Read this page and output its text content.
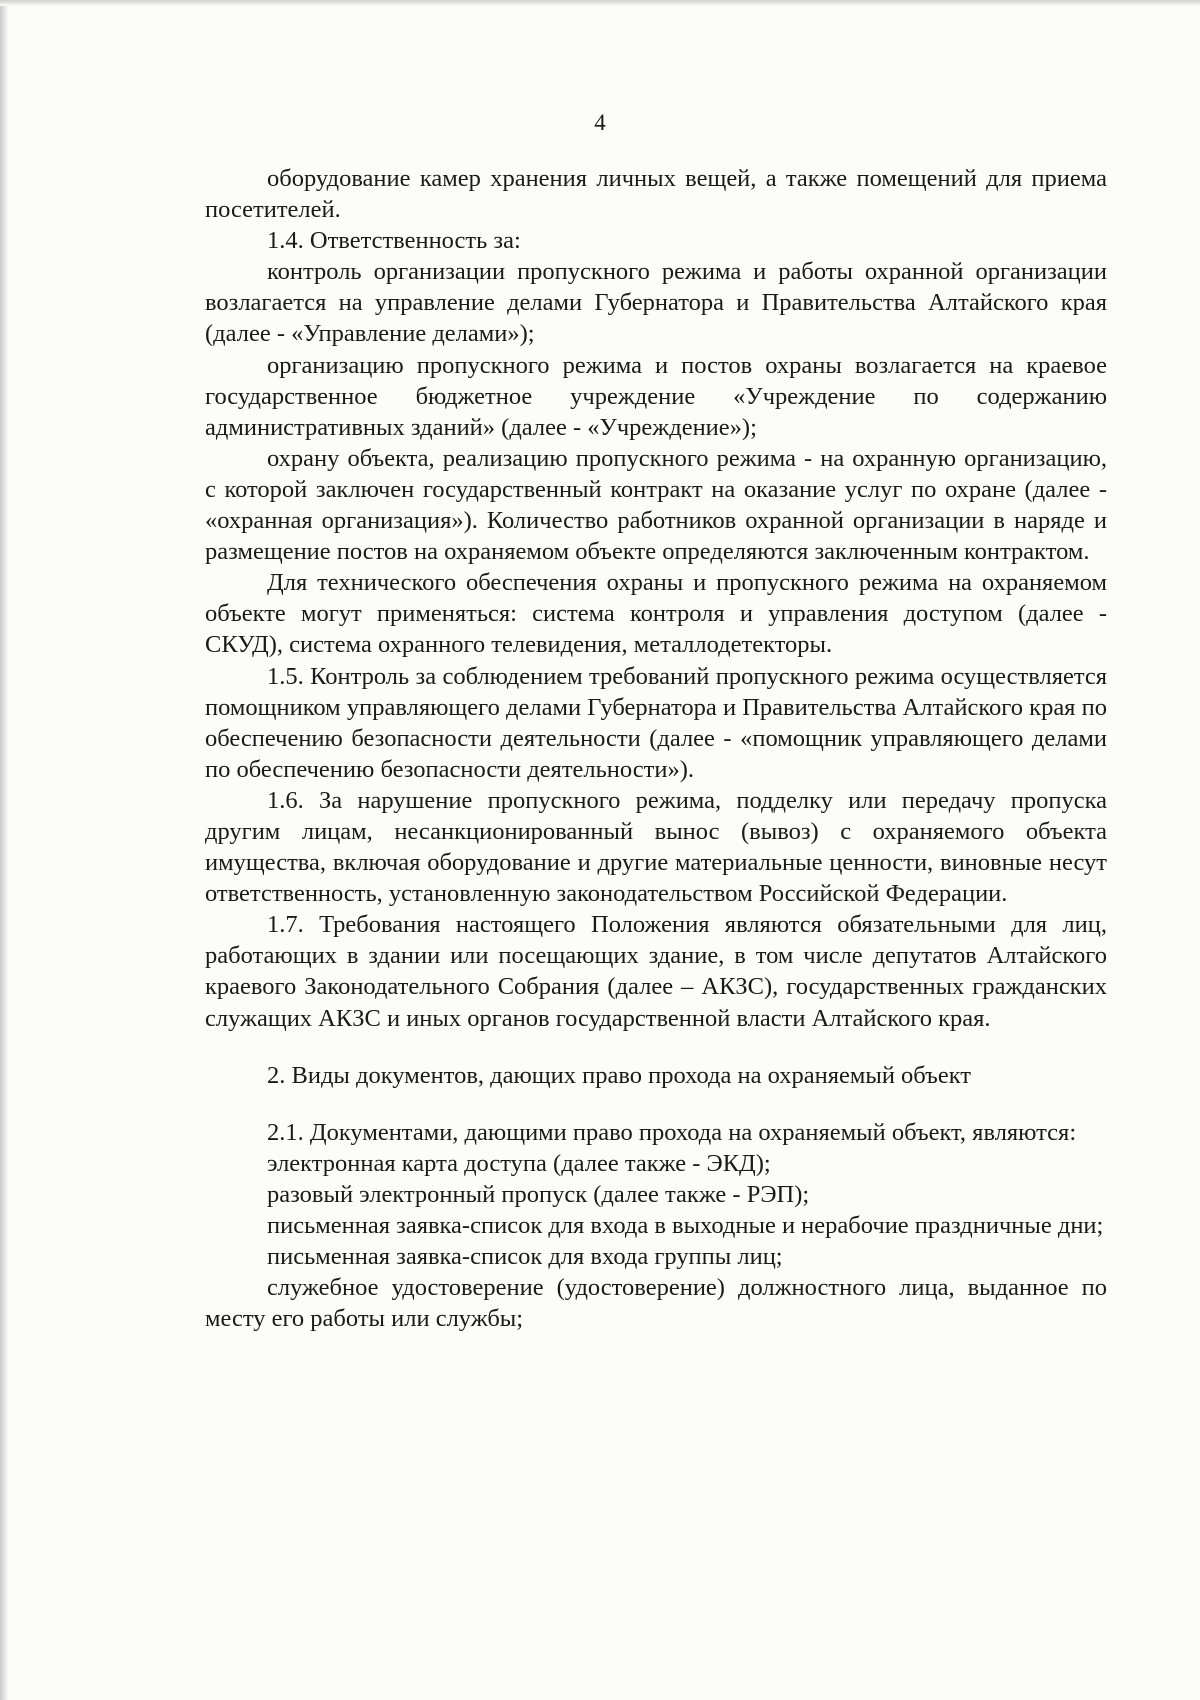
4

оборудование камер хранения личных вещей, а также помещений для приема посетителей.

1.4. Ответственность за:

контроль организации пропускного режима и работы охранной организации возлагается на управление делами Губернатора и Правительства Алтайского края (далее - «Управление делами»);

организацию пропускного режима и постов охраны возлагается на краевое государственное бюджетное учреждение «Учреждение по содержанию административных зданий» (далее - «Учреждение»);

охрану объекта, реализацию пропускного режима - на охранную организацию, с которой заключен государственный контракт на оказание услуг по охране (далее - «охранная организация»). Количество работников охранной организации в наряде и размещение постов на охраняемом объекте определяются заключенным контрактом.

Для технического обеспечения охраны и пропускного режима на охраняемом объекте могут применяться: система контроля и управления доступом (далее - СКУД), система охранного телевидения, металлодетекторы.

1.5. Контроль за соблюдением требований пропускного режима осуществляется помощником управляющего делами Губернатора и Правительства Алтайского края по обеспечению безопасности деятельности (далее - «помощник управляющего делами по обеспечению безопасности деятельности»).

1.6. За нарушение пропускного режима, подделку или передачу пропуска другим лицам, несанкционированный вынос (вывоз) с охраняемого объекта имущества, включая оборудование и другие материальные ценности, виновные несут ответственность, установленную законодательством Российской Федерации.

1.7. Требования настоящего Положения являются обязательными для лиц, работающих в здании или посещающих здание, в том числе депутатов Алтайского краевого Законодательного Собрания (далее – АКЗС), государственных гражданских служащих АКЗС и иных органов государственной власти Алтайского края.

2. Виды документов, дающих право прохода на охраняемый объект

2.1. Документами, дающими право прохода на охраняемый объект, являются:

электронная карта доступа (далее также - ЭКД);

разовый электронный пропуск (далее также - РЭП);

письменная заявка-список для входа в выходные и нерабочие праздничные дни;

письменная заявка-список для входа группы лиц;

служебное удостоверение (удостоверение) должностного лица, выданное по месту его работы или службы;
